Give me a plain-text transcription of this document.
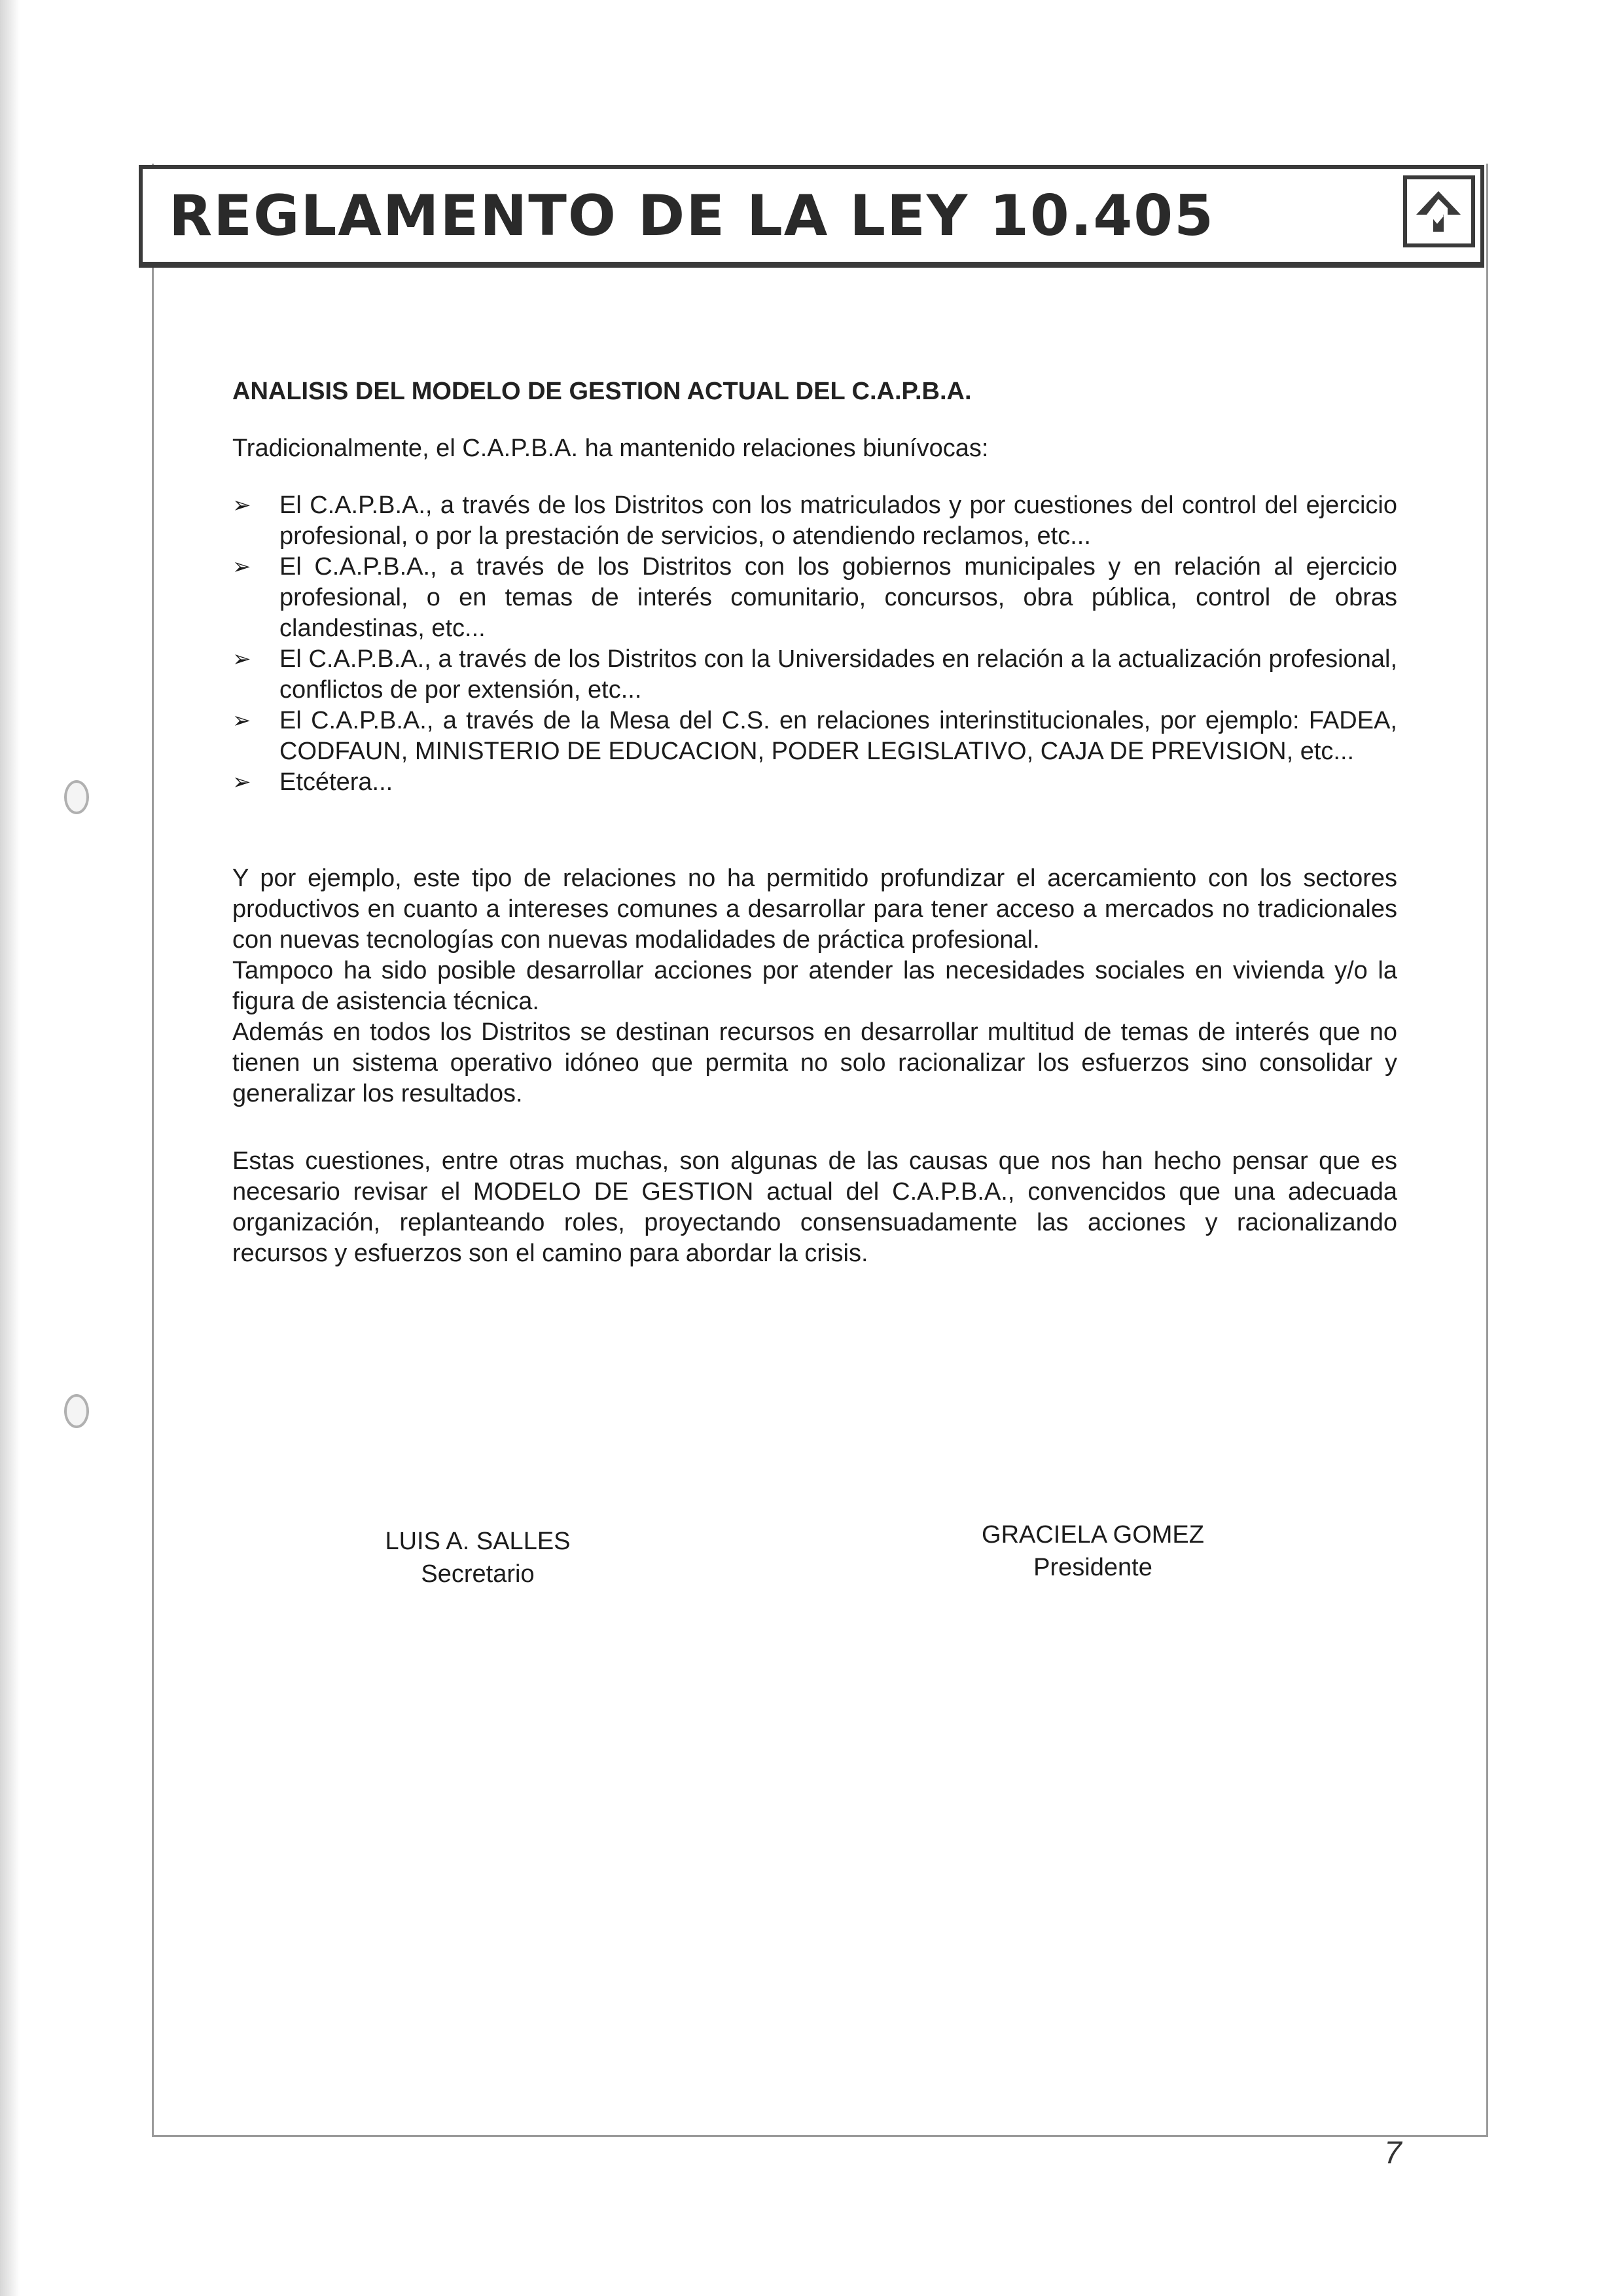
REGLAMENTO DE LA LEY 10.405
ANALISIS DEL MODELO DE GESTION ACTUAL DEL C.A.P.B.A.
Tradicionalmente, el C.A.P.B.A. ha mantenido relaciones biunívocas:
➢ El C.A.P.B.A., a través de los Distritos con los matriculados y por cuestiones del control del ejercicio profesional, o por la prestación de servicios, o atendiendo reclamos, etc...
➢ El C.A.P.B.A., a través de los Distritos con los gobiernos municipales y en relación al ejercicio profesional, o en temas de interés comunitario, concursos, obra pública, control de obras clandestinas, etc...
➢ El C.A.P.B.A., a través de los Distritos con la Universidades en relación a la actualización profesional, conflictos de por extensión, etc...
➢ El C.A.P.B.A., a través de la Mesa del C.S. en relaciones interinstitucionales, por ejemplo: FADEA, CODFAUN, MINISTERIO DE EDUCACION, PODER LEGISLATIVO, CAJA DE PREVISION, etc...
➢ Etcétera...

Y por ejemplo, este tipo de relaciones no ha permitido profundizar el acercamiento con los sectores productivos en cuanto a intereses comunes a desarrollar para tener acceso a mercados no tradicionales con nuevas tecnologías con nuevas modalidades de práctica profesional.

Tampoco ha sido posible desarrollar acciones por atender las necesidades sociales en vivienda y/o la figura de asistencia técnica.

Además en todos los Distritos se destinan recursos en desarrollar multitud de temas de interés que no tienen un sistema operativo idóneo que permita no solo racionalizar los esfuerzos sino consolidar y generalizar los resultados.

Estas cuestiones, entre otras muchas, son algunas de las causas que nos han hecho pensar que es necesario revisar el MODELO DE GESTION actual del C.A.P.B.A., convencidos que una adecuada organización, replanteando roles, proyectando consensuadamente las acciones y racionalizando recursos y esfuerzos son el camino para abordar la crisis.

LUIS A. SALLES
Secretario
GRACIELA GOMEZ
Presidente
7
